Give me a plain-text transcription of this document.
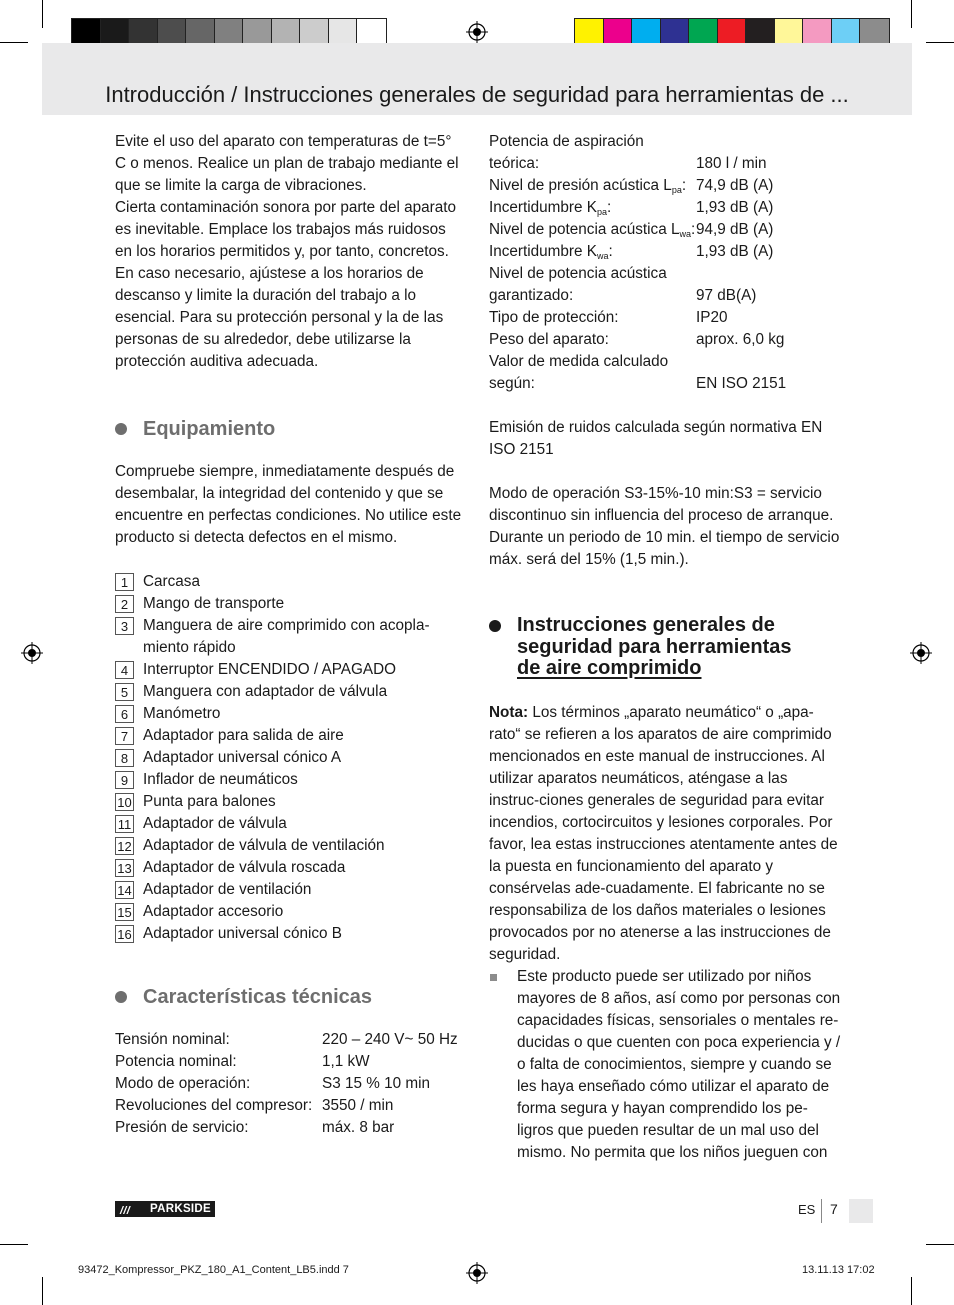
Introducción / Instrucciones generales de seguridad para herramientas de ...

Evite el uso del aparato con temperaturas de t=5° C o menos. Realice un plan de trabajo mediante el que se limite la carga de vibraciones.

Cierta contaminación sonora por parte del aparato es inevitable. Emplace los trabajos más ruidosos en los horarios permitidos y, por tanto, concretos. En caso necesario, ajústese a los horarios de descanso y limite la duración del trabajo a lo esencial. Para su protección personal y la de las personas de su alrededor, debe utilizarse la protección auditiva adecuada.

Equipamiento

Compruebe siempre, inmediatamente después de desembalar, la integridad del contenido y que se encuentre en perfectas condiciones. No utilice este producto si detecta defectos en el mismo.

1 Carcasa
2 Mango de transporte
3 Manguera de aire comprimido con acopla-miento rápido
4 Interruptor ENCENDIDO / APAGADO
5 Manguera con adaptador de válvula
6 Manómetro
7 Adaptador para salida de aire
8 Adaptador universal cónico A
9 Inflador de neumáticos
10 Punta para balones
11 Adaptador de válvula
12 Adaptador de válvula de ventilación
13 Adaptador de válvula roscada
14 Adaptador de ventilación
15 Adaptador accesorio
16 Adaptador universal cónico B
Características técnicas
Tensión nominal:	220 – 240 V~ 50 Hz
Potencia nominal:	1,1 kW
Modo de operación:	S3 15 % 10 min
Revoluciones del compresor: 3550 / min
Presión de servicio:	máx. 8 bar
Potencia de aspiración
teórica:	180 l / min
Nivel de presión acústica $L_{pa}$: 74,9 dB (A)
Incertidumbre $K_{pa}$:	1,93 dB (A)
Nivel de potencia acústica $L_{wa}$: 94,9 dB (A)
Incertidumbre $K_{wa}$:	1,93 dB (A)
Nivel de potencia acústica
garantizado:	97 dB(A)
Tipo de protección:	IP20
Peso del aparato:	aprox. 6,0 kg
Valor de medida calculado
según:	EN ISO 2151

Emisión de ruidos calculada según normativa EN ISO 2151

Modo de operación S3-15%-10 min:S3 = servicio discontinuo sin influencia del proceso de arranque. Durante un periodo de 10 min. el tiempo de servicio máx. será del 15% (1,5 min.).

Instrucciones generales de
seguridad para herramientas
de aire comprimido

Nota: Los términos „aparato neumático“ o „apa-rato“ se refieren a los aparatos de aire comprimido mencionados en este manual de instrucciones. Al utilizar aparatos neumáticos, aténgase a las instruc-ciones generales de seguridad para evitar incendios, cortocircuitos y lesiones corporales. Por favor, lea estas instrucciones atentamente antes de la puesta en funcionamiento del aparato y consérvelas ade-cuadamente. El fabricante no se responsabiliza de los daños materiales o lesiones provocados por no atenerse a las instrucciones de seguridad.

Este producto puede ser utilizado por niños mayores de 8 años, así como por personas con capacidades físicas, sensoriales o mentales re-ducidas o que cuenten con poca experiencia y / o falta de conocimientos, siempre y cuando se les haya enseñado cómo utilizar el aparato de forma segura y hayan comprendido los pe-ligros que pueden resultar de un mal uso del mismo. No permita que los niños jueguen con
/// PARKSIDE	ES 7
93472_Kompressor_PKZ_180_A1_Content_LB5.indd 7	13.11.13 17:02
